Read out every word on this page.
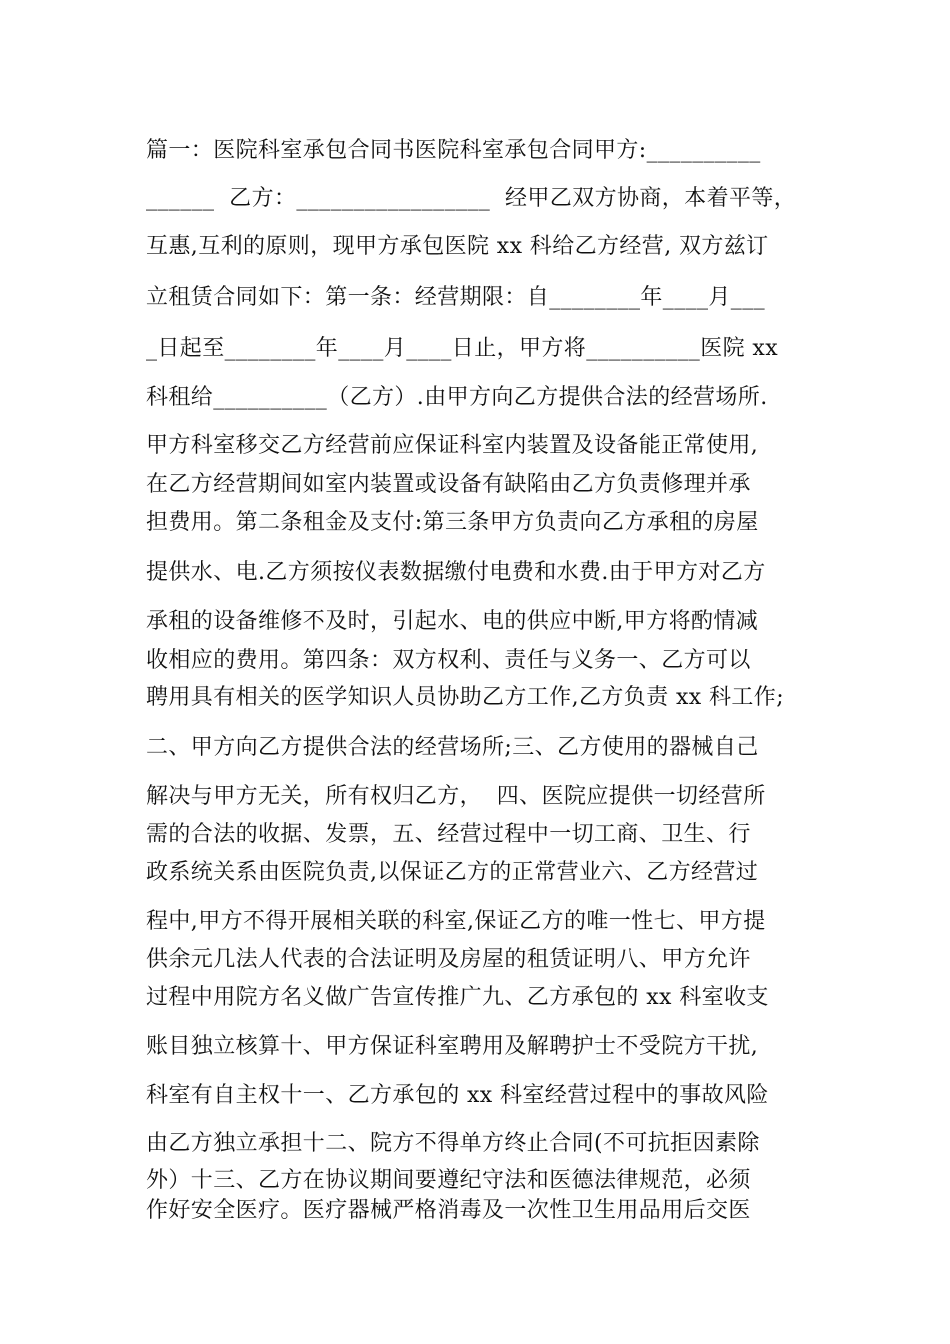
篇一：医院科室承包合同书医院科室承包合同甲方:__________
______  乙方：_________________  经甲乙双方协商，本着平等，
互惠,互利的原则，现甲方承包医院 xx 科给乙方经营, 双方兹订
立租赁合同如下：第一条：经营期限：自________年____月___
_日起至________年____月____日止，甲方将__________医院 xx
科租给__________（乙方）.由甲方向乙方提供合法的经营场所.
甲方科室移交乙方经营前应保证科室内装置及设备能正常使用,
在乙方经营期间如室内装置或设备有缺陷由乙方负责修理并承
担费用。第二条租金及支付:第三条甲方负责向乙方承租的房屋
提供水、电.乙方须按仪表数据缴付电费和水费.由于甲方对乙方
承租的设备维修不及时，引起水、电的供应中断,甲方将酌情减
收相应的费用。第四条：双方权利、责任与义务一、乙方可以
聘用具有相关的医学知识人员协助乙方工作,乙方负责 xx 科工作;
二、甲方向乙方提供合法的经营场所;三、乙方使用的器械自己
解决与甲方无关，所有权归乙方，  四、医院应提供一切经营所
需的合法的收据、发票，五、经营过程中一切工商、卫生、行
政系统关系由医院负责,以保证乙方的正常营业六、乙方经营过
程中,甲方不得开展相关联的科室,保证乙方的唯一性七、甲方提
供余元几法人代表的合法证明及房屋的租赁证明八、甲方允许
过程中用院方名义做广告宣传推广九、乙方承包的 xx 科室收支
账目独立核算十、甲方保证科室聘用及解聘护士不受院方干扰,
科室有自主权十一、乙方承包的 xx 科室经营过程中的事故风险
由乙方独立承担十二、院方不得单方终止合同(不可抗拒因素除
外）十三、乙方在协议期间要遵纪守法和医德法律规范，必须
作好安全医疗。医疗器械严格消毒及一次性卫生用品用后交医
